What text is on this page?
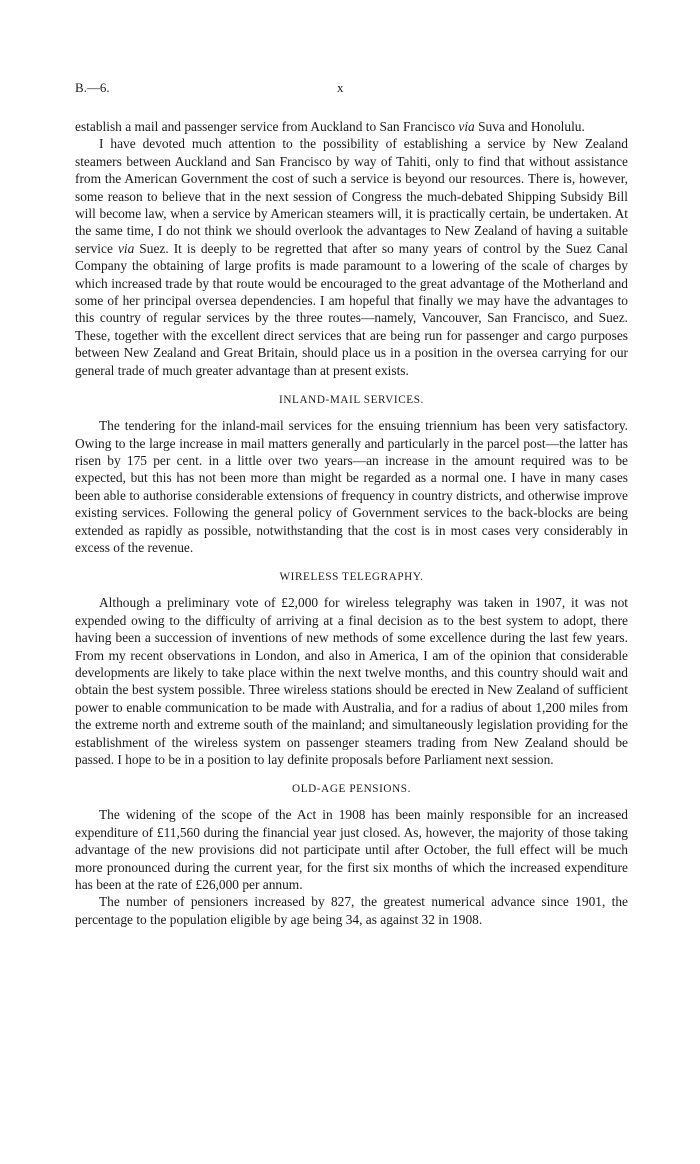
B.—6.	x

establish a mail and passenger service from Auckland to San Francisco via Suva and Honolulu.

I have devoted much attention to the possibility of establishing a service by New Zealand steamers between Auckland and San Francisco by way of Tahiti, only to find that without assistance from the American Government the cost of such a service is beyond our resources. There is, however, some reason to believe that in the next session of Congress the much-debated Shipping Subsidy Bill will become law, when a service by American steamers will, it is practically certain, be undertaken. At the same time, I do not think we should overlook the advantages to New Zealand of having a suitable service via Suez. It is deeply to be regretted that after so many years of control by the Suez Canal Company the obtaining of large profits is made paramount to a lowering of the scale of charges by which increased trade by that route would be encouraged to the great advantage of the Motherland and some of her principal oversea dependencies. I am hopeful that finally we may have the advantages to this country of regular services by the three routes—namely, Vancouver, San Francisco, and Suez. These, together with the excellent direct services that are being run for passenger and cargo purposes between New Zealand and Great Britain, should place us in a position in the oversea carrying for our general trade of much greater advantage than at present exists.

INLAND-MAIL SERVICES.

The tendering for the inland-mail services for the ensuing triennium has been very satisfactory. Owing to the large increase in mail matters generally and particularly in the parcel post—the latter has risen by 175 per cent. in a little over two years—an increase in the amount required was to be expected, but this has not been more than might be regarded as a normal one. I have in many cases been able to authorise considerable extensions of frequency in country districts, and otherwise improve existing services. Following the general policy of Government services to the back-blocks are being extended as rapidly as possible, notwithstanding that the cost is in most cases very considerably in excess of the revenue.

WIRELESS TELEGRAPHY.

Although a preliminary vote of £2,000 for wireless telegraphy was taken in 1907, it was not expended owing to the difficulty of arriving at a final decision as to the best system to adopt, there having been a succession of inventions of new methods of some excellence during the last few years. From my recent observations in London, and also in America, I am of the opinion that considerable developments are likely to take place within the next twelve months, and this country should wait and obtain the best system possible. Three wireless stations should be erected in New Zealand of sufficient power to enable communication to be made with Australia, and for a radius of about 1,200 miles from the extreme north and extreme south of the mainland; and simultaneously legislation providing for the establishment of the wireless system on passenger steamers trading from New Zealand should be passed. I hope to be in a position to lay definite proposals before Parliament next session.

OLD-AGE PENSIONS.

The widening of the scope of the Act in 1908 has been mainly responsible for an increased expenditure of £11,560 during the financial year just closed. As, however, the majority of those taking advantage of the new provisions did not participate until after October, the full effect will be much more pronounced during the current year, for the first six months of which the increased expenditure has been at the rate of £26,000 per annum.

The number of pensioners increased by 827, the greatest numerical advance since 1901, the percentage to the population eligible by age being 34, as against 32 in 1908.
